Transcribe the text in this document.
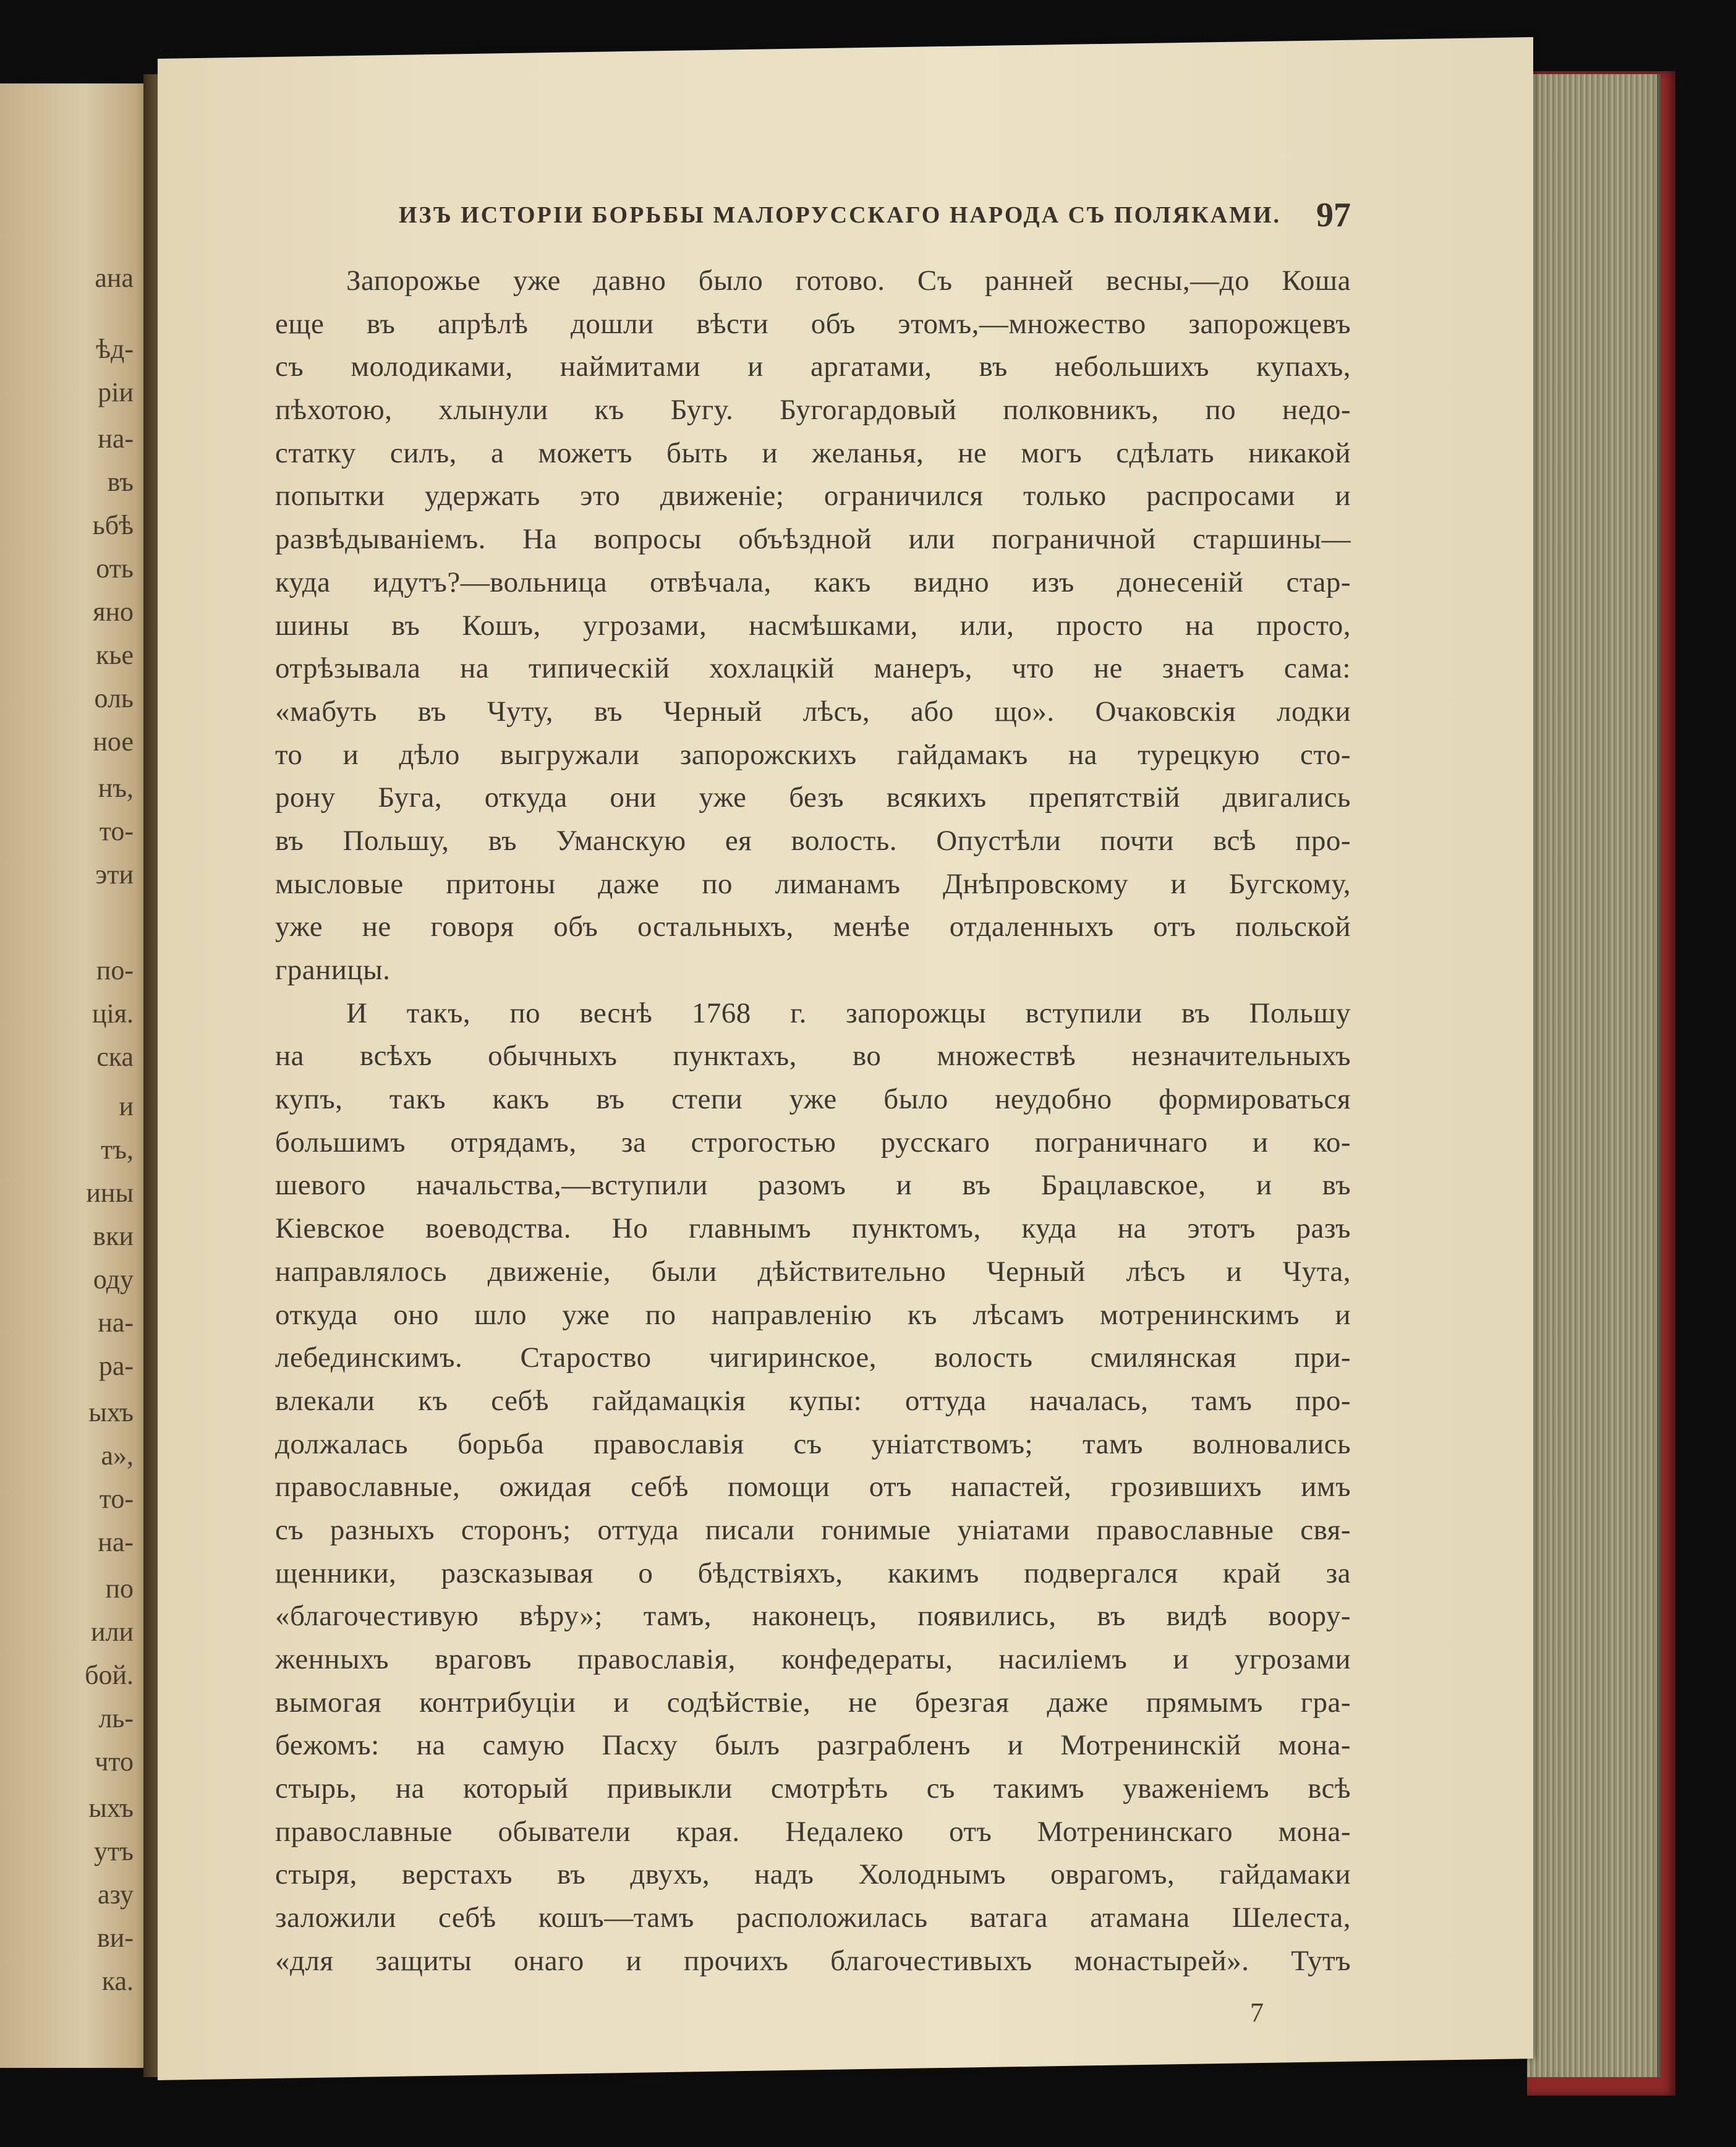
ана

ѣд-

ріи

на-

въ

ьбѣ

оть

яно

кье

оль

ное

нъ,

то-

эти

по-

ція.

ска

и

тъ,

ины

вки

оду

на-

ра-

ыхъ

а»,

то-

на-

по

или

бой.

ль-

что

ыхъ

утъ

азу

ви-

ка.

ИЗЪ ИСТОРІИ БОРЬБЫ МАЛОРУССКАГО НАРОДА СЪ ПОЛЯКАМИ. 97

Запорожье уже давно было готово. Съ ранней весны,—до Коша

еще въ апрѣлѣ дошли вѣсти объ этомъ,—множество запорожцевъ

съ молодиками, наймитами и аргатами, въ небольшихъ купахъ,

пѣхотою, хлынули къ Бугу. Бугогардовый полковникъ, по недо-

статку силъ, а можетъ быть и желанья, не могъ сдѣлать никакой

попытки удержать это движеніе; ограничился только распросами и

развѣдываніемъ. На вопросы объѣздной или пограничной старшины—

куда идутъ?—вольница отвѣчала, какъ видно изъ донесеній стар-

шины въ Кошъ, угрозами, насмѣшками, или, просто на просто,

отрѣзывала на типическій хохлацкій манеръ, что не знаетъ сама:

«мабуть въ Чуту, въ Черный лѣсъ, або що». Очаковскія лодки

то и дѣло выгружали запорожскихъ гайдамакъ на турецкую сто-

рону Буга, откуда они уже безъ всякихъ препятствій двигались

въ Польшу, въ Уманскую ея волость. Опустѣли почти всѣ про-

мысловые притоны даже по лиманамъ Днѣпровскому и Бугскому,

уже не говоря объ остальныхъ, менѣе отдаленныхъ отъ польской

границы.

И такъ, по веснѣ 1768 г. запорожцы вступили въ Польшу

на всѣхъ обычныхъ пунктахъ, во множествѣ незначительныхъ

купъ, такъ какъ въ степи уже было неудобно формироваться

большимъ отрядамъ, за строгостью русскаго пограничнаго и ко-

шевого начальства,—вступили разомъ и въ Брацлавское, и въ

Кіевское воеводства. Но главнымъ пунктомъ, куда на этотъ разъ

направлялось движеніе, были дѣйствительно Черный лѣсъ и Чута,

откуда оно шло уже по направленію къ лѣсамъ мотренинскимъ и

лебединскимъ. Староство чигиринское, волость смилянская при-

влекали къ себѣ гайдамацкія купы: оттуда началась, тамъ про-

должалась борьба православія съ уніатствомъ; тамъ волновались

православные, ожидая себѣ помощи отъ напастей, грозившихъ имъ

съ разныхъ сторонъ; оттуда писали гонимые уніатами православные свя-

щенники, разсказывая о бѣдствіяхъ, какимъ подвергался край за

«благочестивую вѣру»; тамъ, наконецъ, появились, въ видѣ воору-

женныхъ враговъ православія, конфедераты, насиліемъ и угрозами

вымогая контрибуціи и содѣйствіе, не брезгая даже прямымъ гра-

бежомъ: на самую Пасху былъ разграбленъ и Мотренинскій мона-

стырь, на который привыкли смотрѣть съ такимъ уваженіемъ всѣ

православные обыватели края. Недалеко отъ Мотренинскаго мона-

стыря, верстахъ въ двухъ, надъ Холоднымъ оврагомъ, гайдамаки

заложили себѣ кошъ—тамъ расположилась ватага атамана Шелеста,

«для защиты онаго и прочихъ благочестивыхъ монастырей». Тутъ

7
